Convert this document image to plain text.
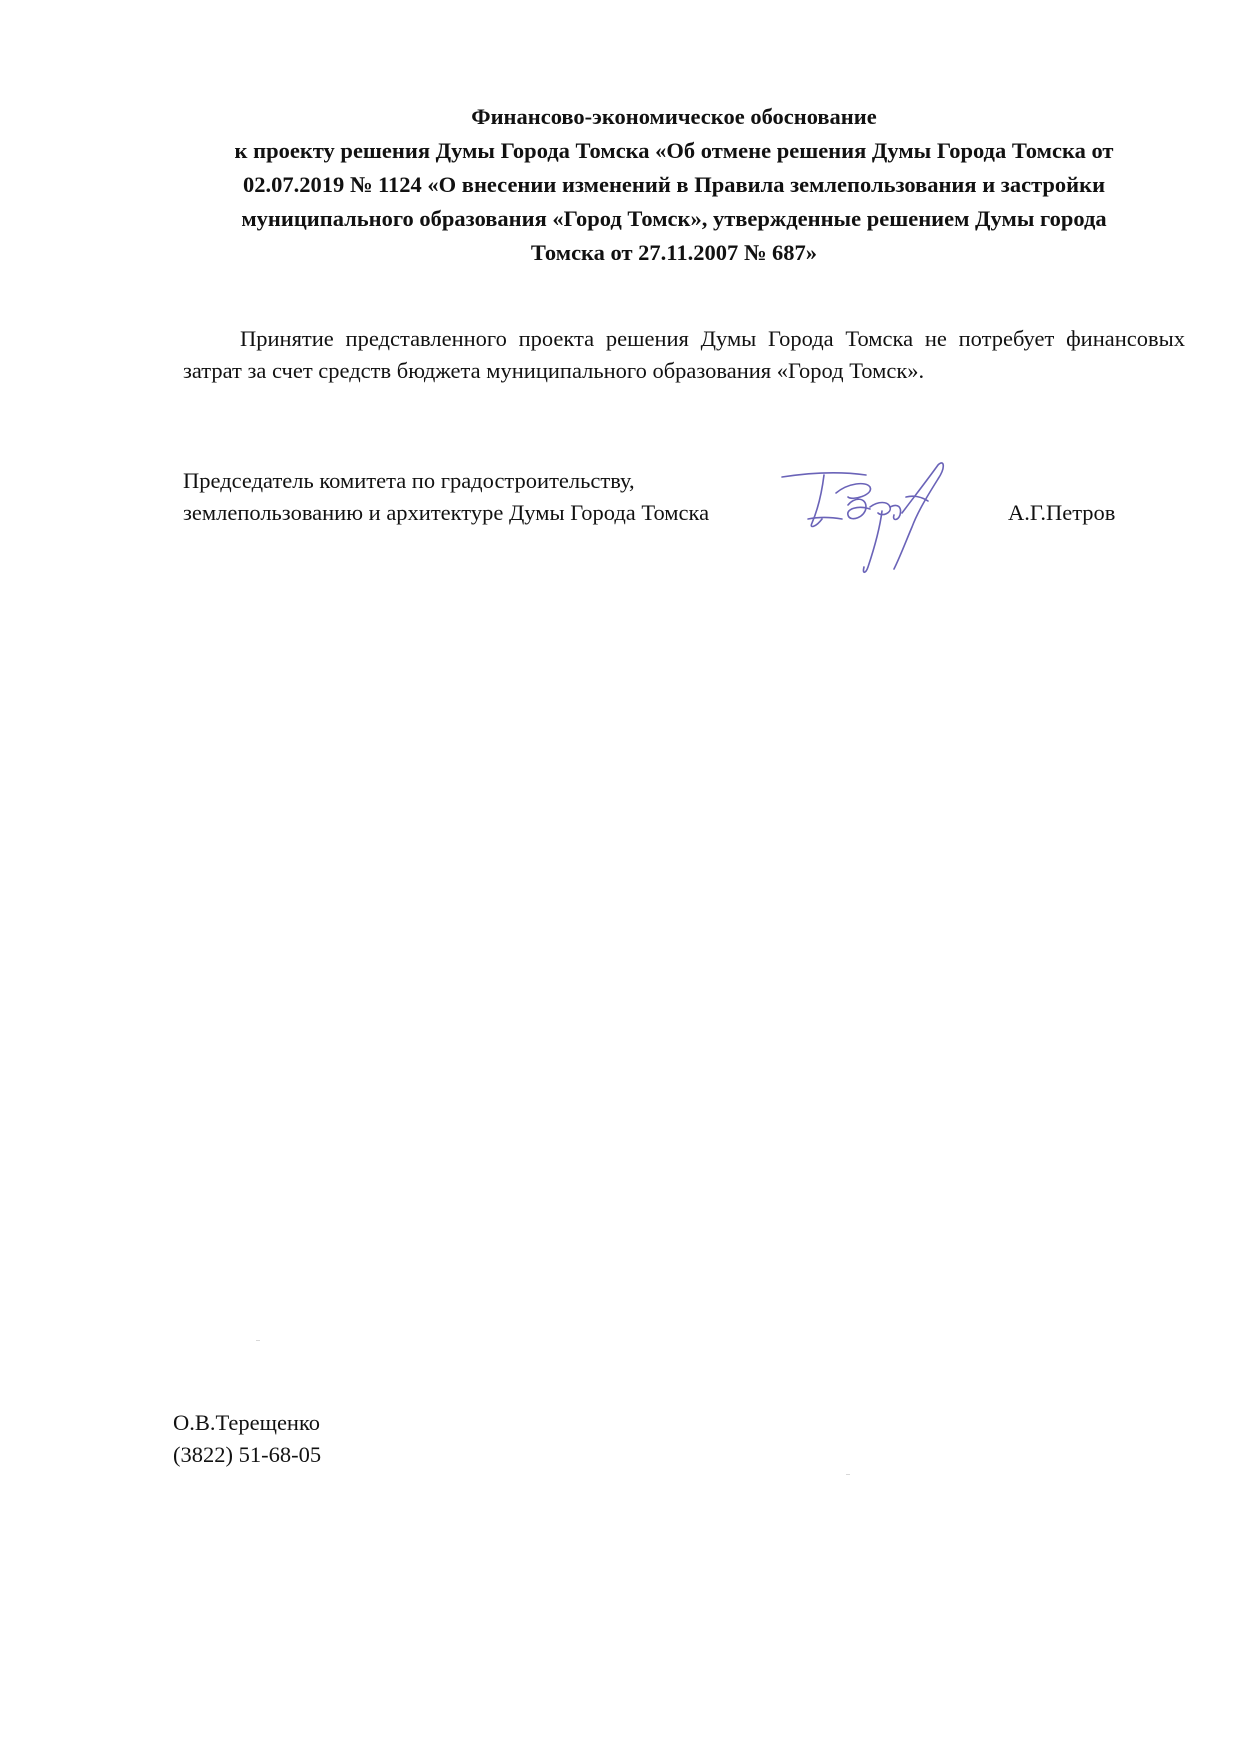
Финансово-экономическое обоснование
к проекту решения Думы Города Томска «Об отмене решения Думы Города Томска от
02.07.2019 № 1124 «О внесении изменений в Правила землепользования и застройки
муниципального образования «Город Томск», утвержденные решением Думы города
Томска от 27.11.2007 № 687»

Принятие представленного проекта решения Думы Города Томска не потребует финансовых затрат за счет средств бюджета муниципального образования «Город Томск».

Председатель комитета по градостроительству,
землепользованию и архитектуре Думы Города Томска	А.Г.Петров
О.В.Терещенко
(3822) 51-68-05
